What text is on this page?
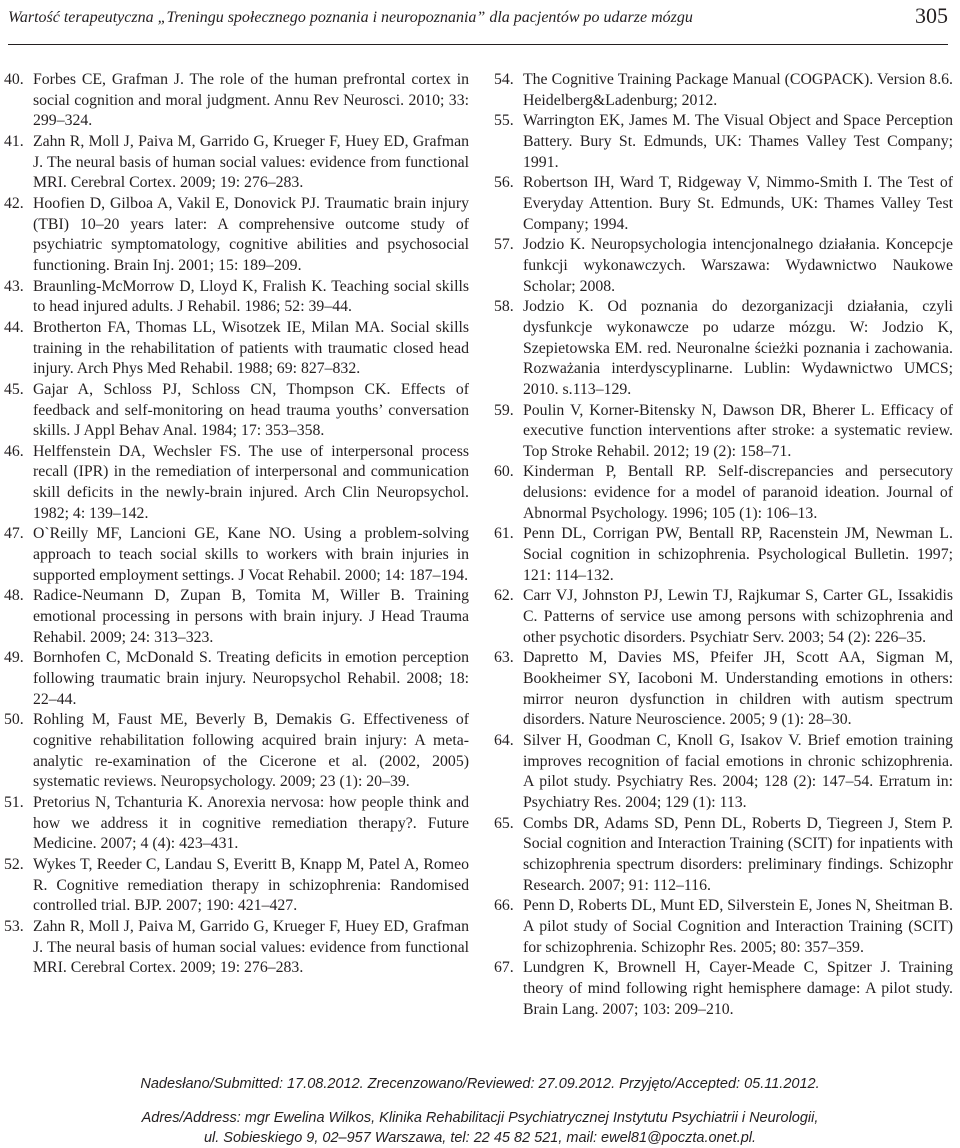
Wartość terapeutyczna „Treningu społecznego poznania i neuropoznania” dla pacjentów po udarze mózgu	305
40. Forbes CE, Grafman J. The role of the human prefrontal cortex in social cognition and moral judgment. Annu Rev Neurosci. 2010; 33: 299–324.
41. Zahn R, Moll J, Paiva M, Garrido G, Krueger F, Huey ED, Grafman J. The neural basis of human social values: evidence from functional MRI. Cerebral Cortex. 2009; 19: 276–283.
42. Hoofien D, Gilboa A, Vakil E, Donovick PJ. Traumatic brain injury (TBI) 10–20 years later: A comprehensive outcome study of psychiatric symptomatology, cognitive abilities and psychosocial functioning. Brain Inj. 2001; 15: 189–209.
43. Braunling-McMorrow D, Lloyd K, Fralish K. Teaching social skills to head injured adults. J Rehabil. 1986; 52: 39–44.
44. Brotherton FA, Thomas LL, Wisotzek IE, Milan MA. Social skills training in the rehabilitation of patients with traumatic closed head injury. Arch Phys Med Rehabil. 1988; 69: 827–832.
45. Gajar A, Schloss PJ, Schloss CN, Thompson CK. Effects of feedback and self-monitoring on head trauma youths’ conversation skills. J Appl Behav Anal. 1984; 17: 353–358.
46. Helffenstein DA, Wechsler FS. The use of interpersonal process recall (IPR) in the remediation of interpersonal and communication skill deficits in the newly-brain injured. Arch Clin Neuropsychol. 1982; 4: 139–142.
47. O`Reilly MF, Lancioni GE, Kane NO. Using a problem-solving approach to teach social skills to workers with brain injuries in supported employment settings. J Vocat Rehabil. 2000; 14: 187–194.
48. Radice-Neumann D, Zupan B, Tomita M, Willer B. Training emotional processing in persons with brain injury. J Head Trauma Rehabil. 2009; 24: 313–323.
49. Bornhofen C, McDonald S. Treating deficits in emotion perception following traumatic brain injury. Neuropsychol Rehabil. 2008; 18: 22–44.
50. Rohling M, Faust ME, Beverly B, Demakis G. Effectiveness of cognitive rehabilitation following acquired brain injury: A meta-analytic re-examination of the Cicerone et al. (2002, 2005) systematic reviews. Neuropsychology. 2009; 23 (1): 20–39.
51. Pretorius N, Tchanturia K. Anorexia nervosa: how people think and how we address it in cognitive remediation therapy?. Future Medicine. 2007; 4 (4): 423–431.
52. Wykes T, Reeder C, Landau S, Everitt B, Knapp M, Patel A, Romeo R. Cognitive remediation therapy in schizophrenia: Randomised controlled trial. BJP. 2007; 190: 421–427.
53. Zahn R, Moll J, Paiva M, Garrido G, Krueger F, Huey ED, Grafman J. The neural basis of human social values: evidence from functional MRI. Cerebral Cortex. 2009; 19: 276–283.
54. The Cognitive Training Package Manual (COGPACK). Version 8.6. Heidelberg&Ladenburg; 2012.
55. Warrington EK, James M. The Visual Object and Space Perception Battery. Bury St. Edmunds, UK: Thames Valley Test Company; 1991.
56. Robertson IH, Ward T, Ridgeway V, Nimmo-Smith I. The Test of Everyday Attention. Bury St. Edmunds, UK: Thames Valley Test Company; 1994.
57. Jodzio K. Neuropsychologia intencjonalnego działania. Koncepcje funkcji wykonawczych. Warszawa: Wydawnictwo Naukowe Scholar; 2008.
58. Jodzio K. Od poznania do dezorganizacji działania, czyli dysfunkcje wykonawcze po udarze mózgu. W: Jodzio K, Szepietowska EM. red. Neuronalne ścieżki poznania i zachowania. Rozważania interdyscyplinarne. Lublin: Wydawnictwo UMCS; 2010. s.113–129.
59. Poulin V, Korner-Bitensky N, Dawson DR, Bherer L. Efficacy of executive function interventions after stroke: a systematic review. Top Stroke Rehabil. 2012; 19 (2): 158–71.
60. Kinderman P, Bentall RP. Self-discrepancies and persecutory delusions: evidence for a model of paranoid ideation. Journal of Abnormal Psychology. 1996; 105 (1): 106–13.
61. Penn DL, Corrigan PW, Bentall RP, Racenstein JM, Newman L. Social cognition in schizophrenia. Psychological Bulletin. 1997; 121: 114–132.
62. Carr VJ, Johnston PJ, Lewin TJ, Rajkumar S, Carter GL, Issakidis C. Patterns of service use among persons with schizophrenia and other psychotic disorders. Psychiatr Serv. 2003; 54 (2): 226–35.
63. Dapretto M, Davies MS, Pfeifer JH, Scott AA, Sigman M, Bookheimer SY, Iacoboni M. Understanding emotions in others: mirror neuron dysfunction in children with autism spectrum disorders. Nature Neuroscience. 2005; 9 (1): 28–30.
64. Silver H, Goodman C, Knoll G, Isakov V. Brief emotion training improves recognition of facial emotions in chronic schizophrenia. A pilot study. Psychiatry Res. 2004; 128 (2): 147–54. Erratum in: Psychiatry Res. 2004; 129 (1): 113.
65. Combs DR, Adams SD, Penn DL, Roberts D, Tiegreen J, Stem P. Social cognition and Interaction Training (SCIT) for inpatients with schizophrenia spectrum disorders: preliminary findings. Schizophr Research. 2007; 91: 112–116.
66. Penn D, Roberts DL, Munt ED, Silverstein E, Jones N, Sheitman B. A pilot study of Social Cognition and Interaction Training (SCIT) for schizophrenia. Schizophr Res. 2005; 80: 357–359.
67. Lundgren K, Brownell H, Cayer-Meade C, Spitzer J. Training theory of mind following right hemisphere damage: A pilot study. Brain Lang. 2007; 103: 209–210.
Nadesłano/Submitted: 17.08.2012. Zrecenzowano/Reviewed: 27.09.2012. Przyjęto/Accepted: 05.11.2012.
Adres/Address: mgr Ewelina Wilkos, Klinika Rehabilitacji Psychiatrycznej Instytutu Psychiatrii i Neurologii,
ul. Sobieskiego 9, 02–957 Warszawa, tel: 22 45 82 521, mail: ewel81@poczta.onet.pl.
